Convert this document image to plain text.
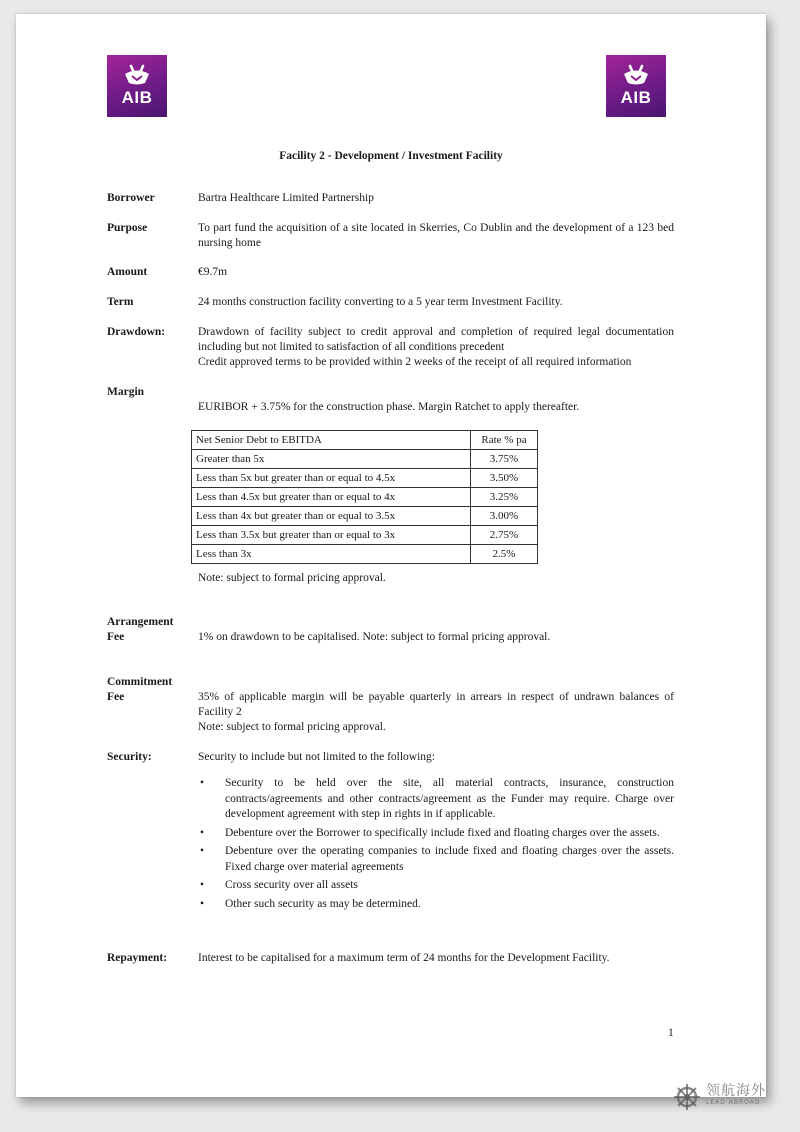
AIB	AIB
Facility 2 - Development / Investment Facility
Borrower	Bartra Healthcare Limited Partnership
Purpose	To part fund the acquisition of a site located in Skerries, Co Dublin and the development of a 123 bed nursing home
Amount	€9.7m
Term	24 months construction facility converting to a 5 year term Investment Facility.
Drawdown:	Drawdown of facility subject to credit approval and completion of required legal documentation including but not limited to satisfaction of all conditions precedent
Credit approved terms to be provided within 2 weeks of the receipt of all required information
Margin
EURIBOR + 3.75% for the construction phase. Margin Ratchet to apply thereafter.
Net Senior Debt to EBITDA	Rate % pa
Greater than 5x	3.75%
Less than 5x but greater than or equal to 4.5x	3.50%
Less than 4.5x but greater than or equal to 4x	3.25%
Less than 4x but greater than or equal to 3.5x	3.00%
Less than 3.5x but greater than or equal to 3x	2.75%
Less than 3x	2.5%
Note: subject to formal pricing approval.
Arrangement
Fee	1% on drawdown to be capitalised. Note: subject to formal pricing approval.
Commitment
Fee	35% of applicable margin will be payable quarterly in arrears in respect of undrawn balances of Facility 2
Note: subject to formal pricing approval.
Security:	Security to include but not limited to the following:
•	Security to be held over the site, all material contracts, insurance, construction contracts/agreements and other contracts/agreement as the Funder may require. Charge over development agreement with step in rights in if applicable.
•	Debenture over the Borrower to specifically include fixed and floating charges over the assets.
•	Debenture over the operating companies to include fixed and floating charges over the assets. Fixed charge over material agreements
•	Cross security over all assets
•	Other such security as may be determined.
Repayment:	Interest to be capitalised for a maximum term of 24 months for the Development Facility.
1
领航海外
LEAD ABROAD
